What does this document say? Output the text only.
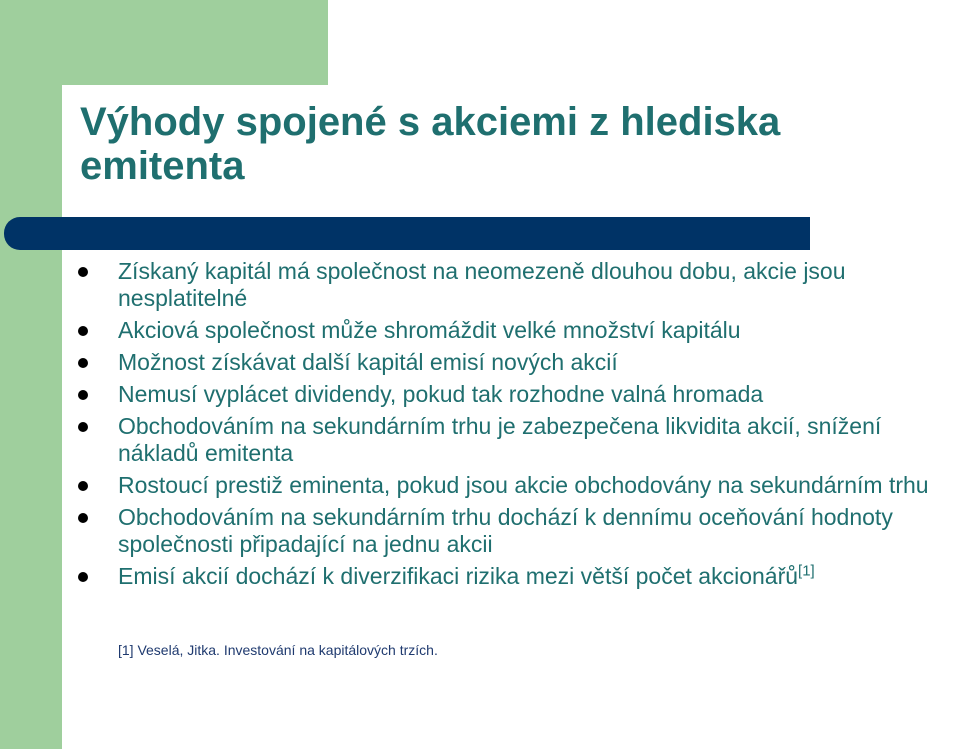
Výhody spojené s akciemi z hlediska emitenta
Získaný kapitál má společnost na neomezeně dlouhou dobu, akcie jsou nesplatitelné
Akciová společnost může shromáždit velké množství kapitálu
Možnost získávat další kapitál emisí nových akcií
Nemusí vyplácet dividendy, pokud tak rozhodne valná hromada
Obchodováním na sekundárním trhu je zabezpečena likvidita akcií, snížení nákladů emitenta
Rostoucí prestiž eminenta, pokud jsou akcie obchodovány na sekundárním trhu
Obchodováním na sekundárním trhu dochází k dennímu oceňování hodnoty společnosti připadající na jednu akcii
Emisí akcií dochází k diverzifikaci rizika mezi větší počet akcionářů[1]
[1] Veselá, Jitka. Investování na kapitálových trzích.
